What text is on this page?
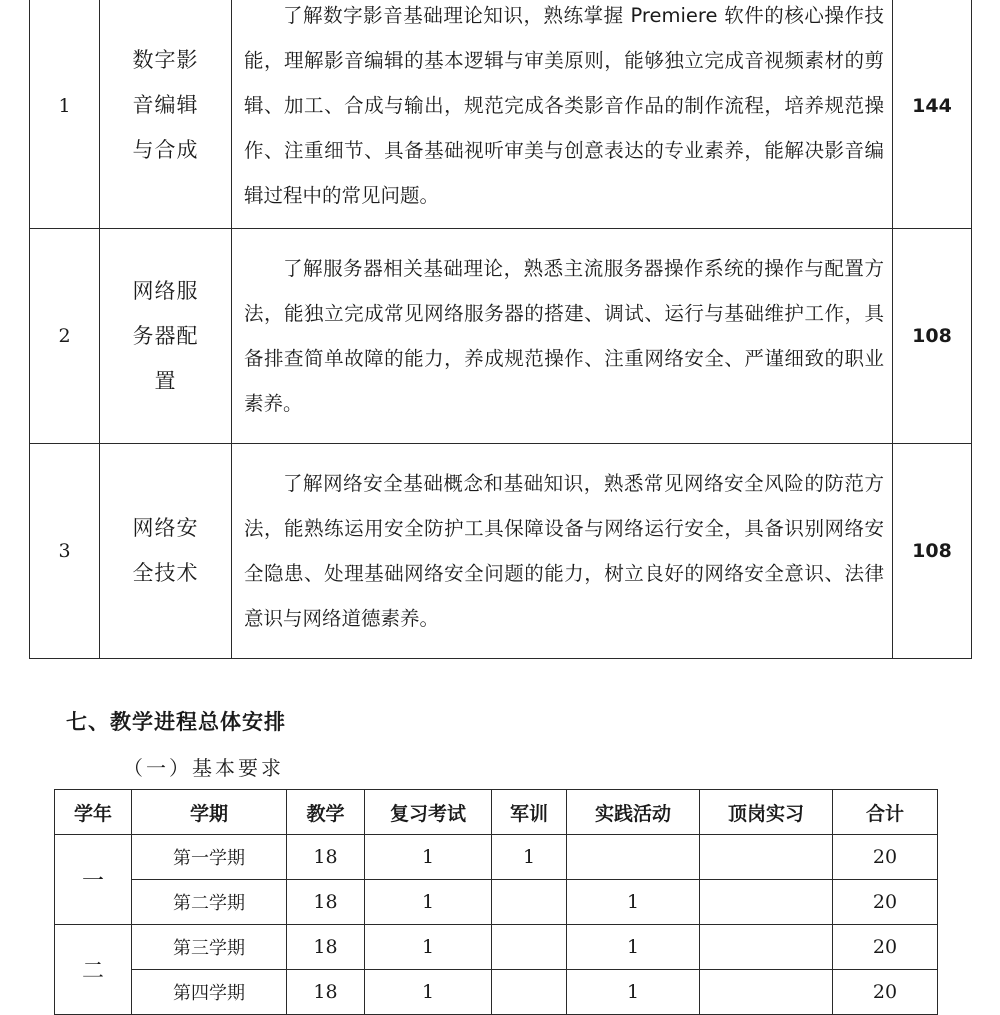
1	数字影音编辑与合成	了解数字影音基础理论知识，熟练掌握 Premiere 软件的核心操作技能，理解影音编辑的基本逻辑与审美原则，能够独立完成音视频素材的剪辑、加工、合成与输出，规范完成各类影音作品的制作流程，培养规范操作、注重细节、具备基础视听审美与创意表达的专业素养，能解决影音编辑过程中的常见问题。	144
2	网络服务器配置	了解服务器相关基础理论，熟悉主流服务器操作系统的操作与配置方法，能独立完成常见网络服务器的搭建、调试、运行与基础维护工作，具备排查简单故障的能力，养成规范操作、注重网络安全、严谨细致的职业素养。	108
3	网络安全技术	了解网络安全基础概念和基础知识，熟悉常见网络安全风险的防范方法，能熟练运用安全防护工具保障设备与网络运行安全，具备识别网络安全隐患、处理基础网络安全问题的能力，树立良好的网络安全意识、法律意识与网络道德素养。	108
七、教学进程总体安排
（一）基本要求
学年	学期	教学	复习考试	军训	实践活动	顶岗实习	合计
一	第一学期	18	1	1			20
	第二学期	18	1		1		20
二	第三学期	18	1		1		20
	第四学期	18	1		1		20
